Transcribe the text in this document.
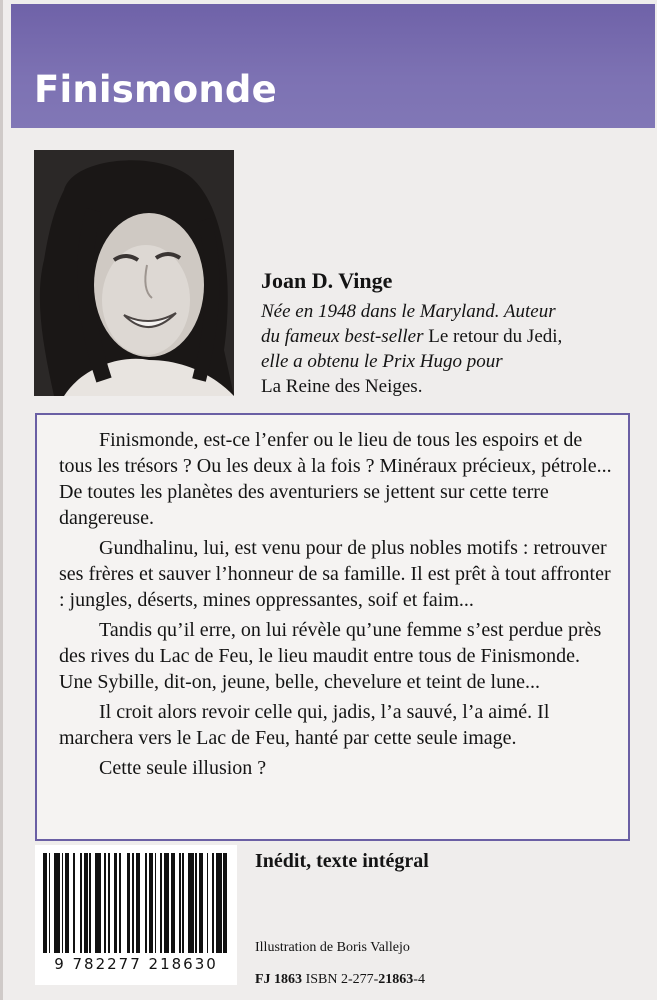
Finismonde
Joan D. Vinge
Née en 1948 dans le Maryland. Auteur
du fameux best-seller Le retour du Jedi,
elle a obtenu le Prix Hugo pour
La Reine des Neiges.

Finismonde, est-ce l’enfer ou le lieu de tous les espoirs et de tous les trésors ? Ou les deux à la fois ? Minéraux précieux, pétrole... De toutes les planètes des aventuriers se jettent sur cette terre dangereuse.

Gundhalinu, lui, est venu pour de plus nobles motifs : retrouver ses frères et sauver l’honneur de sa famille. Il est prêt à tout affronter : jungles, déserts, mines oppressantes, soif et faim...

Tandis qu’il erre, on lui révèle qu’une femme s’est perdue près des rives du Lac de Feu, le lieu maudit entre tous de Finismonde. Une Sybille, dit-on, jeune, belle, chevelure et teint de lune...

Il croit alors revoir celle qui, jadis, l’a sauvé, l’a aimé. Il marchera vers le Lac de Feu, hanté par cette seule image.

Cette seule illusion ?

9 782277 218630
Inédit, texte intégral
Illustration de Boris Vallejo
FJ 1863 ISBN 2-277-21863-4
